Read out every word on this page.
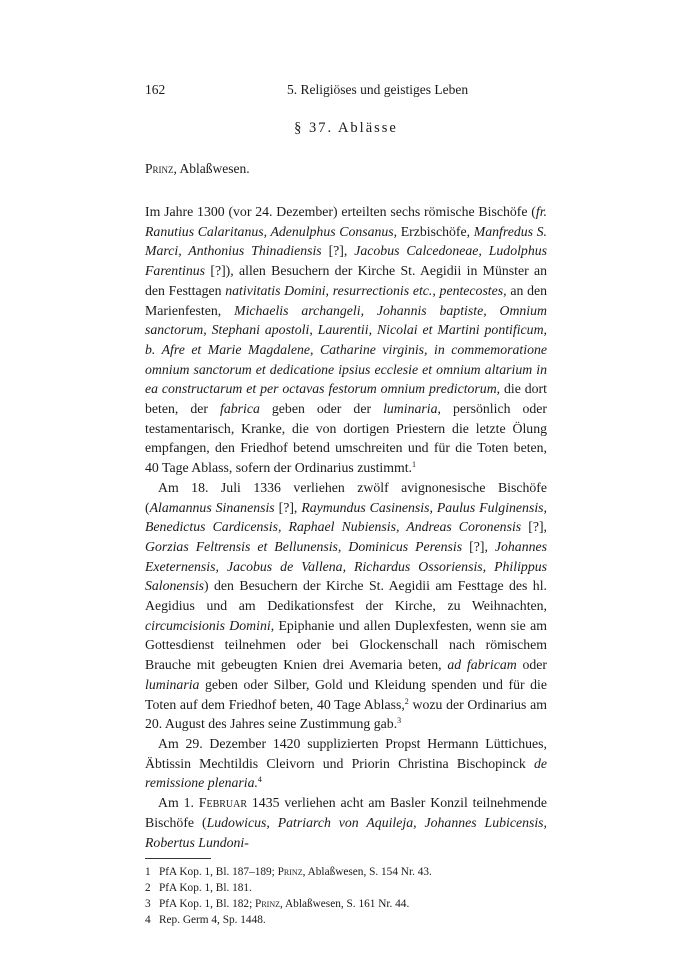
162	5. Religiöses und geistiges Leben
§ 37. Ablässe
Prinz, Ablaßwesen.

Im Jahre 1300 (vor 24. Dezember) erteilten sechs römische Bischöfe (fr. Ranutius Calaritanus, Adenulphus Consanus, Erzbischöfe, Manfredus S. Marci, Anthonius Thinadiensis [?], Jacobus Calcedoneae, Ludolphus Farentinus [?]), allen Besuchern der Kirche St. Aegidii in Münster an den Festtagen nativitatis Domini, resurrectionis etc., pentecostes, an den Marienfesten, Michaelis archangeli, Johannis baptiste, Omnium sanctorum, Stephani apostoli, Laurentii, Nicolai et Martini pontificum, b. Afre et Marie Magdalene, Catharine virginis, in commemoratione omnium sanctorum et dedicatione ipsius ecclesie et omnium altarium in ea constructarum et per octavas festorum omnium predictorum, die dort beten, der fabrica geben oder der luminaria, persönlich oder testamentarisch, Kranke, die von dortigen Priestern die letzte Ölung empfangen, den Friedhof betend umschreiten und für die Toten beten, 40 Tage Ablass, sofern der Ordinarius zustimmt.$^1$

Am 18. Juli 1336 verliehen zwölf avignonesische Bischöfe (Alamannus Sinanensis [?], Raymundus Casinensis, Paulus Fulginensis, Benedictus Cardicensis, Raphael Nubiensis, Andreas Coronensis [?], Gorzias Feltrensis et Bellunensis, Dominicus Perensis [?], Johannes Exeternensis, Jacobus de Vallena, Richardus Ossoriensis, Philippus Salonensis) den Besuchern der Kirche St. Aegidii am Festtage des hl. Aegidius und am Dedikationsfest der Kirche, zu Weihnachten, circumcisionis Domini, Epiphanie und allen Duplexfesten, wenn sie am Gottesdienst teilnehmen oder bei Glockenschall nach römischem Brauche mit gebeugten Knien drei Avemaria beten, ad fabricam oder luminaria geben oder Silber, Gold und Kleidung spenden und für die Toten auf dem Friedhof beten, 40 Tage Ablass,$^2$ wozu der Ordinarius am 20. August des Jahres seine Zustimmung gab.$^3$

Am 29. Dezember 1420 supplizierten Propst Hermann Lüttichues, Äbtissin Mechtildis Cleivorn und Priorin Christina Bischopinck de remissione plenaria.$^4$

Am 1. Februar 1435 verliehen acht am Basler Konzil teilnehmende Bischöfe (Ludowicus, Patriarch von Aquileja, Johannes Lubicensis, Robertus Lundoni-

1 PfA Kop. 1, Bl. 187–189; Prinz, Ablaßwesen, S. 154 Nr. 43.
2 PfA Kop. 1, Bl. 181.
3 PfA Kop. 1, Bl. 182; Prinz, Ablaßwesen, S. 161 Nr. 44.
4 Rep. Germ 4, Sp. 1448.
